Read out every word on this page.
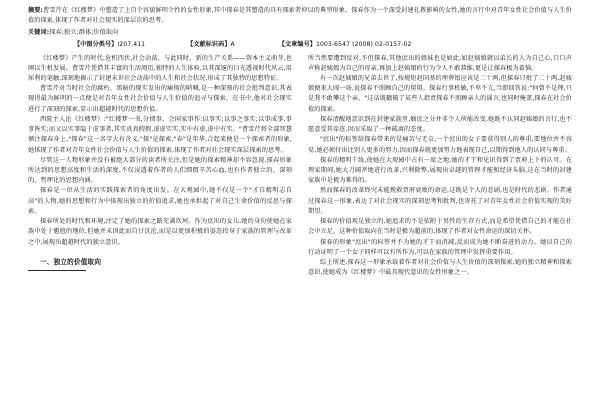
摘要:曹雪芹在《红楼梦》中塑造了上百个容貌鲜明个性的女性形象,其中探春是其塑造的具有探索者仲以的典型形象。探春作为一个深受封建礼教影响的女性,她的言行中对青年女性社会价值与人生价值的探索,体现了作者对社会现实的深层次的思考。

关键词:探春;独立;群体;价值取向

【中图分类号】I207.411	【文献标识码】A	【文章编号】1003-6547 (2008) 02-0157-02

《红楼梦》产生的时代,危机四伏,社会动荡、与此同时、新的生产关系——资本主义萌芽,也阐以生机发展。曹雪芹凭借其丰富的生活阅历,独特的人生体验,以其深邃的目光透视时代风云,用犀利的笔触,深刻地揭示了封建末世社会动荡中的人生和社会状况,形成了其独特的思想特征。

曹雪芹对当时社会的腐朽、黑暗的现实发出的痛彻的呐喊,是一种深刻的社会批判意识,其表现得最为鲜明的一点便是对青年女性社会价值与人生价值的追寻与探索。在书中,他对社会现实进行了深刻的探索,显示出超越时代的思想价值。

西院主人论《红楼梦》:"红楼梦一书,分情事、会国家事作:以事实;以事之事实;以事成事,事事皆实;而又以实事隐于虚事者,其实真真假假,虚虚实实,实中有虚,虚中有实。"曹雪芹将全部智慧倾注探春身上,"探春"这一名字大有含义,"探"是探索,"春"是年华,合起来便是一个探索者的形象,她体现了作者对青年女性社会价值与人生价值的探索,体现了作者对社会现实深层探索的思考。

尽管这一人物形象并没有被绝大部分的读者所关注,但是她的探索精神却不容忽视,探春形象所达到的思想高度和生活的深度,不仅浸透着作者的人们细微辛苦心血,也有作者独立的、深刻的、哲理化的思想内涵。

探春是一位从生活的实践探索者的角度出发。在大观园中,她不仅是一个"才自精明志自高"的人物,她的思想和行为中体现出独立的价值追求,她也承担起了对自己生命价值的反思与探索。

探春所处的时代和环境,注定了她的探索之路充满坎坷。作为庶出的女儿,她的身份使她在家族中处于尴尬的地位,但她并未因此而自甘沉沦,而是以更加积极的姿态投身于家族的管理与改革之中,展现出超越时代的独立意识。

一、独立的价值取向

所当然要遭到反对,不但探春,其他庶出的姐妹也是如此,如赵姨娘就以弟长的人为自己心,口口声声称赵姨娘为自己的母亲,再加上赵姨娘的行为令人不敢恭维,更是让探春极为着恼。

有一次赵姨娘的兄弟去世了,按规矩赵国基的埋葬银应该是二十两,但探春只批了二十两,赵姨娘便来大闹一场,说探春不照顾自己的舅舅。探春行事机敏,不卑不亢,当即回答说:"何曾不是理,只是我不敢攀这个亲。"这话既戳破了某些人指责探春不照顾亲人的谣言,也同时掩盖,探春在社会价值的探索。

探春清醒地意识到在封建家族里,嫡庶之分并非个人所能改变,她既不认同赵姨娘的言行,也不愿意受其牵连,因而采取了一种疏离的态度。

"庶出"的标签给探春带来的是痛苦与无奈,一个庶出的女子要获得别人的尊重,要地位并不容易,她必须付出比别人更多的努力,因而探春就更加努力地表现自己,以期得到他人的认同与尊重。

探春的精明干练,使她在大观园中占有一席之地,她的才干和见识得到了贾府上下的认可。在理家期间,她大刀阔斧地进行改革,兴利除弊,展现出卓越的管理才能和经济头脑,这在当时的封建家族中是极为难得的。

然而探春的改革终究未能挽救贾府衰败的命运,这既是个人的悲剧,也是时代的悲剧。作者通过探春这一形象,表达了对社会现实的深刻思考和批判,也寄托了对青年女性社会价值实现的美好期望。

探春的价值观是独立的,她追求的不是依附于男性的生存方式,而是希望凭借自己的才能在社会中立足。这种价值取向在当时是极为超前的,体现了作者对女性命运的深切关怀。

探春的形象"庶出"的标签并不为她的才干而消减,反而成为她不断奋进的动力。她以自己的行动证明了一个女子同样可以有所作为,可以在家族的管理中发挥重要作用。

综上所述,探春这一形象承载着作者对社会价值与人生价值的深刻探索,她的独立精神和探索意识,使她成为《红楼梦》中最具现代意识的女性形象之一。
